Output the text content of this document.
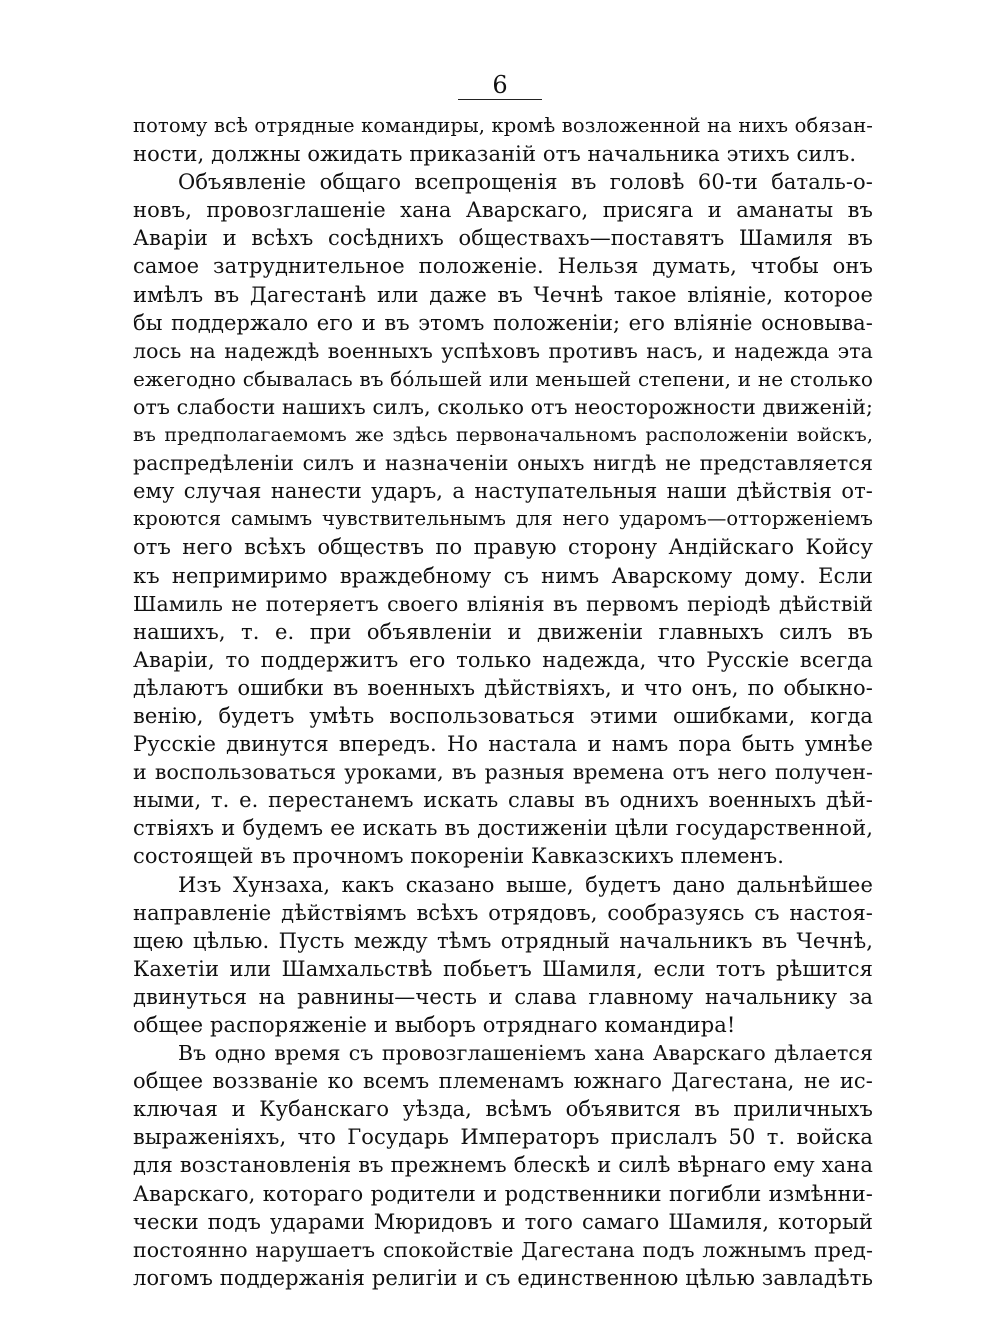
6
потому всѣ отрядные командиры, кромѣ возложенной на нихъ обязан-
ности, должны ожидать приказаній отъ начальника этихъ силъ.
Объявленіе общаго всепрощенія въ головѣ 60-ти баталь-о-
новъ, провозглашеніе хана Аварскаго, присяга и аманаты въ
Аваріи и всѣхъ сосѣднихъ обществахъ—поставятъ Шамиля въ
самое затруднительное положеніе. Нельзя думать, чтобы онъ
имѣлъ въ Дагестанѣ или даже въ Чечнѣ такое вліяніе, которое
бы поддержало его и въ этомъ положеніи; его вліяніе основыва-
лось на надеждѣ военныхъ успѣховъ противъ насъ, и надежда эта
ежегодно сбывалась въ бóльшей или меньшей степени, и не столько
отъ слабости нашихъ силъ, сколько отъ неосторожности движеній;
въ предполагаемомъ же здѣсь первоначальномъ расположеніи войскъ,
распредѣленіи силъ и назначеніи оныхъ нигдѣ не представляется
ему случая нанести ударъ, а наступательныя наши дѣйствія от-
кроются самымъ чувствительнымъ для него ударомъ—отторженіемъ
отъ него всѣхъ обществъ по правую сторону Андійскаго Койсу
къ непримиримо враждебному съ нимъ Аварскому дому. Если
Шамиль не потеряетъ своего вліянія въ первомъ періодѣ дѣйствій
нашихъ, т. е. при объявленіи и движеніи главныхъ силъ въ
Аваріи, то поддержитъ его только надежда, что Русскіе всегда
дѣлаютъ ошибки въ военныхъ дѣйствіяхъ, и что онъ, по обыкно-
венію, будетъ умѣть воспользоваться этими ошибками, когда
Русскіе двинутся впередъ. Но настала и намъ пора быть умнѣе
и воспользоваться уроками, въ разныя времена отъ него получен-
ными, т. е. перестанемъ искать славы въ однихъ военныхъ дѣй-
ствіяхъ и будемъ ее искать въ достиженіи цѣли государственной,
состоящей въ прочномъ покореніи Кавказскихъ племенъ.
Изъ Хунзаха, какъ сказано выше, будетъ дано дальнѣйшее
направленіе дѣйствіямъ всѣхъ отрядовъ, сообразуясь съ настоя-
щею цѣлью. Пусть между тѣмъ отрядный начальникъ въ Чечнѣ,
Кахетіи или Шамхальствѣ побьетъ Шамиля, если тотъ рѣшится
двинуться на равнины—честь и слава главному начальнику за
общее распоряженіе и выборъ отряднаго командира!
Въ одно время съ провозглашеніемъ хана Аварскаго дѣлается
общее воззваніе ко всемъ племенамъ южнаго Дагестана, не ис-
ключая и Кубанскаго уѣзда, всѣмъ объявится въ приличныхъ
выраженіяхъ, что Государь Императоръ прислалъ 50 т. войска
для возстановленія въ прежнемъ блескѣ и силѣ вѣрнаго ему хана
Аварскаго, котораго родители и родственники погибли измѣнни-
чески подъ ударами Мюридовъ и того самаго Шамиля, который
постоянно нарушаетъ спокойствіе Дагестана подъ ложнымъ пред-
логомъ поддержанія религіи и съ единственною цѣлью завладѣть
